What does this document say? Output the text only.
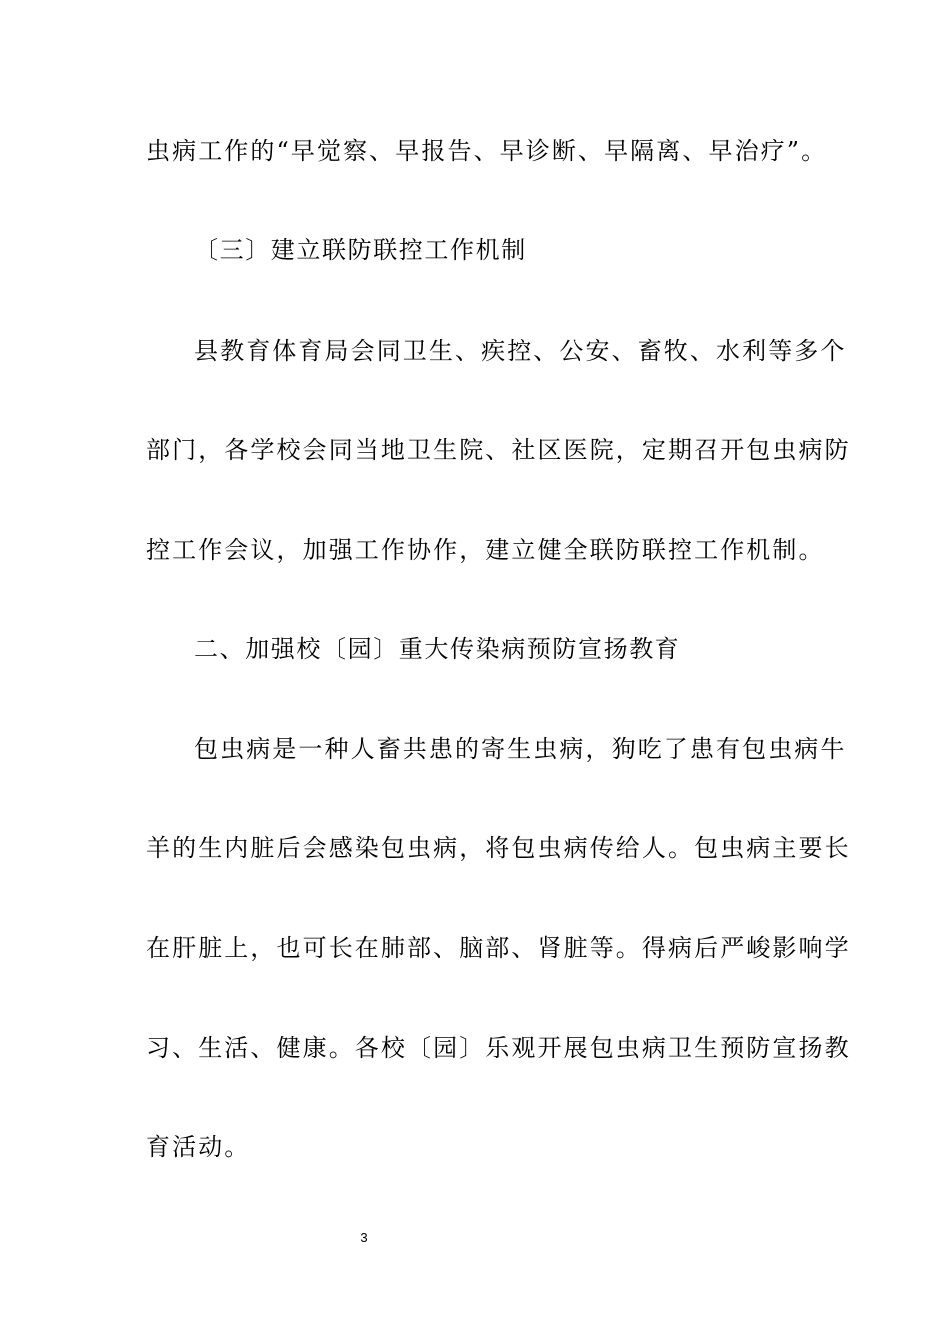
虫病工作的“早觉察、早报告、早诊断、早隔离、早治疗”。
〔三〕建立联防联控工作机制
县教育体育局会同卫生、疾控、公安、畜牧、水利等多个
部门，各学校会同当地卫生院、社区医院，定期召开包虫病防
控工作会议，加强工作协作，建立健全联防联控工作机制。
二、加强校〔园〕重大传染病预防宣扬教育
包虫病是一种人畜共患的寄生虫病，狗吃了患有包虫病牛
羊的生内脏后会感染包虫病，将包虫病传给人。包虫病主要长
在肝脏上，也可长在肺部、脑部、肾脏等。得病后严峻影响学
习、生活、健康。各校〔园〕乐观开展包虫病卫生预防宣扬教
育活动。
3
